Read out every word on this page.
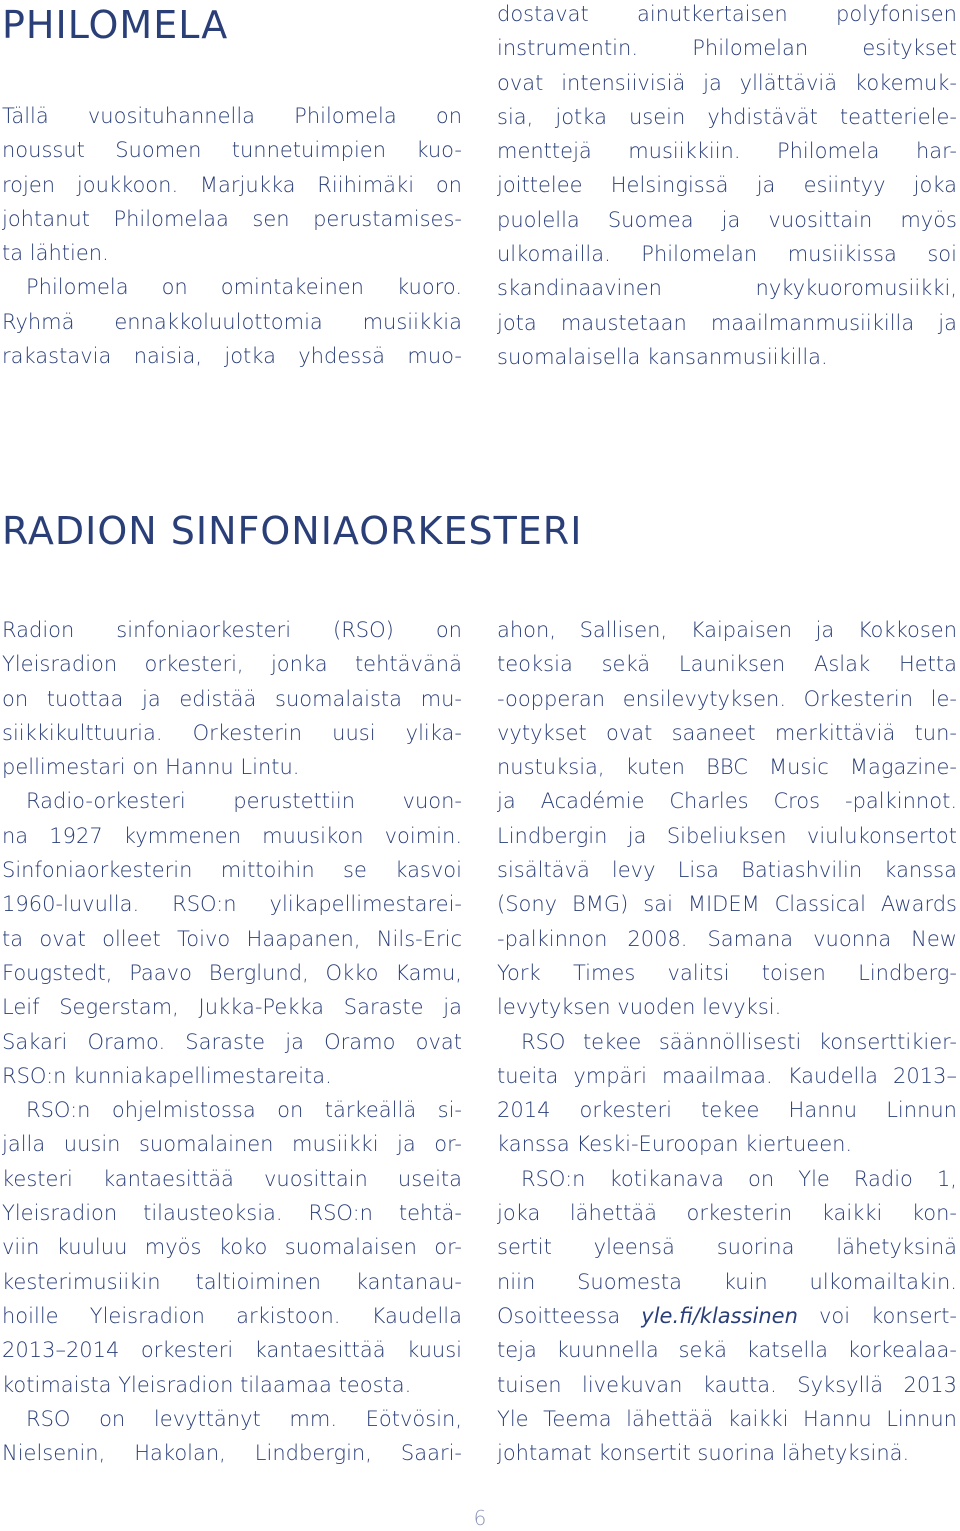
PHILOMELA
Tällä vuosituhannella Philomela on
noussut Suomen tunnetuimpien kuo-
rojen joukkoon. Marjukka Riihimäki on
johtanut Philomelaa sen perustamises-
ta lähtien.
Philomela on omintakeinen kuoro.
Ryhmä ennakkoluulottomia musiikkia
rakastavia naisia, jotka yhdessä muo-
dostavat ainutkertaisen polyfonisen
instrumentin. Philomelan esitykset
ovat intensiivisiä ja yllättäviä kokemuk-
sia, jotka usein yhdistävät teatteriele-
menttejä musiikkiin. Philomela har-
joittelee Helsingissä ja esiintyy joka
puolella Suomea ja vuosittain myös
ulkomailla. Philomelan musiikissa soi
skandinaavinen nykykuoromusiikki,
jota maustetaan maailmanmusiikilla ja
suomalaisella kansanmusiikilla.
RADION SINFONIAORKESTERI
Radion sinfoniaorkesteri (RSO) on
Yleisradion orkesteri, jonka tehtävänä
on tuottaa ja edistää suomalaista mu-
siikkikulttuuria. Orkesterin uusi ylika-
pellimestari on Hannu Lintu.
Radio-orkesteri perustettiin vuon-
na 1927 kymmenen muusikon voimin.
Sinfoniaorkesterin mittoihin se kasvoi
1960-luvulla. RSO:n ylikapellimestarei-
ta ovat olleet Toivo Haapanen, Nils-Eric
Fougstedt, Paavo Berglund, Okko Kamu,
Leif Segerstam, Jukka-Pekka Saraste ja
Sakari Oramo. Saraste ja Oramo ovat
RSO:n kunniakapellimestareita.
RSO:n ohjelmistossa on tärkeällä si-
jalla uusin suomalainen musiikki ja or-
kesteri kantaesittää vuosittain useita
Yleisradion tilausteoksia. RSO:n tehtä-
viin kuuluu myös koko suomalaisen or-
kesterimusiikin taltioiminen kantanau-
hoille Yleisradion arkistoon. Kaudella
2013–2014 orkesteri kantaesittää kuusi
kotimaista Yleisradion tilaamaa teosta.
RSO on levyttänyt mm. Eötvösin,
Nielsenin, Hakolan, Lindbergin, Saari-
ahon, Sallisen, Kaipaisen ja Kokkosen
teoksia sekä Launiksen Aslak Hetta
-oopperan ensilevytyksen. Orkesterin le-
vytykset ovat saaneet merkittäviä tun-
nustuksia, kuten BBC Music Magazine-
ja Académie Charles Cros -palkinnot.
Lindbergin ja Sibeliuksen viulukonsertot
sisältävä levy Lisa Batiashvilin kanssa
(Sony BMG) sai MIDEM Classical Awards
-palkinnon 2008. Samana vuonna New
York Times valitsi toisen Lindberg-
levytyksen vuoden levyksi.
RSO tekee säännöllisesti konserttikier-
tueita ympäri maailmaa. Kaudella 2013–
2014 orkesteri tekee Hannu Linnun
kanssa Keski-Euroopan kiertueen.
RSO:n kotikanava on Yle Radio 1,
joka lähettää orkesterin kaikki kon-
sertit yleensä suorina lähetyksinä
niin Suomesta kuin ulkomailtakin.
Osoitteessa yle.fi/klassinen voi konsert-
teja kuunnella sekä katsella korkealaa-
tuisen livekuvan kautta. Syksyllä 2013
Yle Teema lähettää kaikki Hannu Linnun
johtamat konsertit suorina lähetyksinä.
6
